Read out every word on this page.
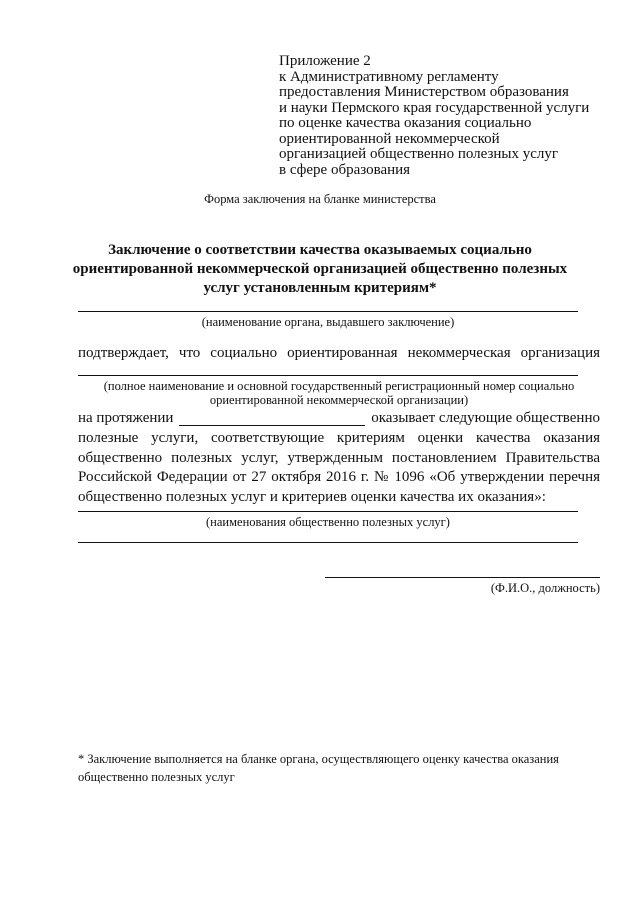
Приложение 2
к Административному регламенту
предоставления Министерством образования
и науки Пермского края государственной услуги
по оценке качества оказания социально
ориентированной некоммерческой
организацией общественно полезных услуг
в сфере образования
Форма заключения на бланке министерства
Заключение о соответствии качества оказываемых социально
ориентированной некоммерческой организацией общественно полезных
услуг установленным критериям*
(наименование органа, выдавшего заключение)
подтверждает, что социально ориентированная некоммерческая организация
(полное наименование и основной государственный регистрационный номер социально ориентированной некоммерческой организации)
на протяжении	оказывает следующие общественно
полезные услуги, соответствующие критериям оценки качества оказания общественно полезных услуг, утвержденным постановлением Правительства Российской Федерации от 27 октября 2016 г. № 1096 «Об утверждении перечня общественно полезных услуг и критериев оценки качества их оказания»:
(наименования общественно полезных услуг)
(Ф.И.О., должность)
* Заключение выполняется на бланке органа, осуществляющего оценку качества оказания
общественно полезных услуг
